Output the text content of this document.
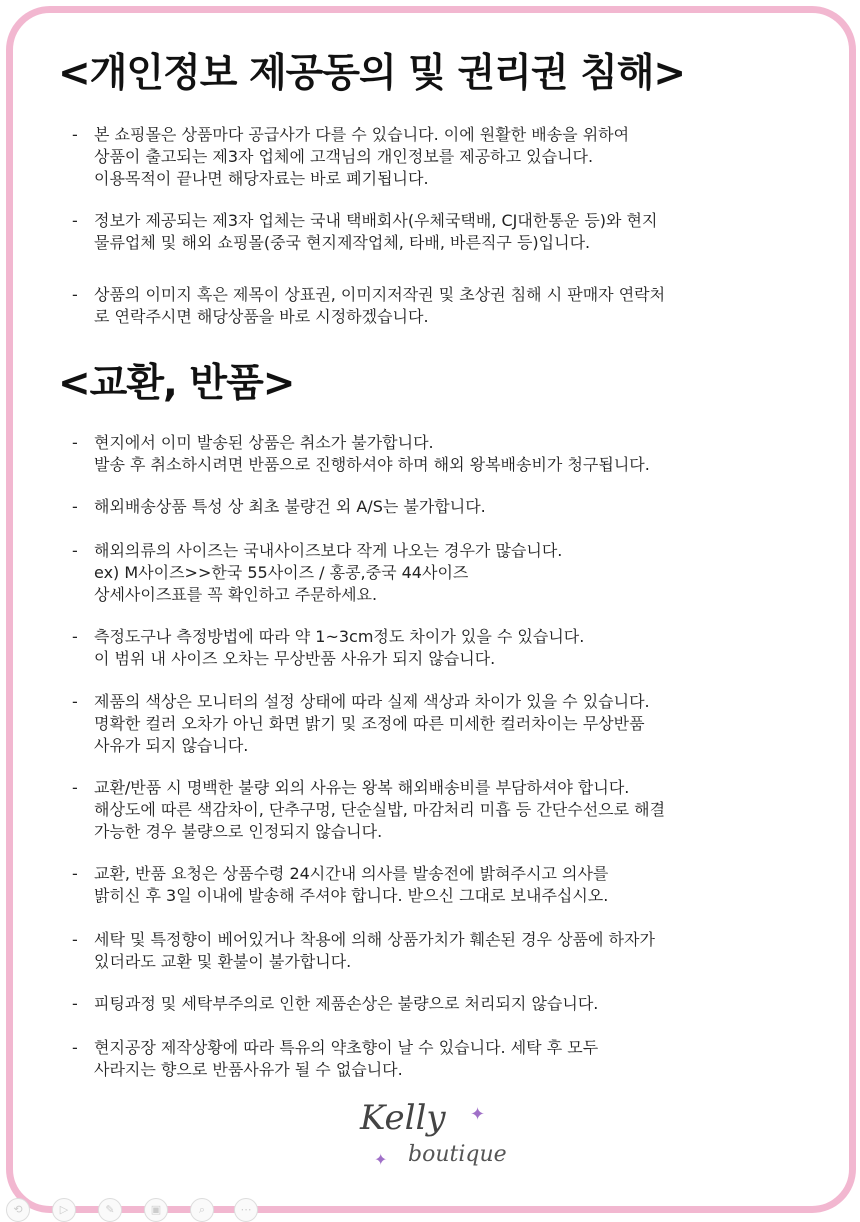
<개인정보 제공동의 및 권리권 침해>
- 본 쇼핑몰은 상품마다 공급사가 다를 수 있습니다. 이에 원활한 배송을 위하여
상품이 출고되는 제3자 업체에 고객님의 개인정보를 제공하고 있습니다.
이용목적이 끝나면 해당자료는 바로 폐기됩니다.
- 정보가 제공되는 제3자 업체는 국내 택배회사(우체국택배, CJ대한통운 등)와 현지
물류업체 및 해외 쇼핑몰(중국 현지제작업체, 타배, 바른직구 등)입니다.
- 상품의 이미지 혹은 제목이 상표권, 이미지저작권 및 초상권 침해 시 판매자 연락처
로 연락주시면 해당상품을 바로 시정하겠습니다.
<교환, 반품>
- 현지에서 이미 발송된 상품은 취소가 불가합니다.
발송 후 취소하시려면 반품으로 진행하셔야 하며 해외 왕복배송비가 청구됩니다.
- 해외배송상품 특성 상 최초 불량건 외 A/S는 불가합니다.
- 해외의류의 사이즈는 국내사이즈보다 작게 나오는 경우가 많습니다.
ex) M사이즈>>한국 55사이즈 / 홍콩,중국 44사이즈
상세사이즈표를 꼭 확인하고 주문하세요.
- 측정도구나 측정방법에 따라 약 1~3cm정도 차이가 있을 수 있습니다.
이 범위 내 사이즈 오차는 무상반품 사유가 되지 않습니다.
- 제품의 색상은 모니터의 설정 상태에 따라 실제 색상과 차이가 있을 수 있습니다.
명확한 컬러 오차가 아닌 화면 밝기 및 조정에 따른 미세한 컬러차이는 무상반품
사유가 되지 않습니다.
- 교환/반품 시 명백한 불량 외의 사유는 왕복 해외배송비를 부담하셔야 합니다.
해상도에 따른 색감차이, 단추구멍, 단순실밥, 마감처리 미흡 등 간단수선으로 해결
가능한 경우 불량으로 인정되지 않습니다.
- 교환, 반품 요청은 상품수령 24시간내 의사를 발송전에 밝혀주시고 의사를
밝히신 후 3일 이내에 발송해 주셔야 합니다. 받으신 그대로 보내주십시오.
- 세탁 및 특정향이 베어있거나 착용에 의해 상품가치가 훼손된 경우 상품에 하자가
있더라도 교환 및 환불이 불가합니다.
- 피팅과정 및 세탁부주의로 인한 제품손상은 불량으로 처리되지 않습니다.
- 현지공장 제작상황에 따라 특유의 약초향이 날 수 있습니다. 세탁 후 모두
사라지는 향으로 반품사유가 될 수 없습니다.
Kelly ✦
✦ boutique
⟲	▷	✎	▣	⌕	⋯
